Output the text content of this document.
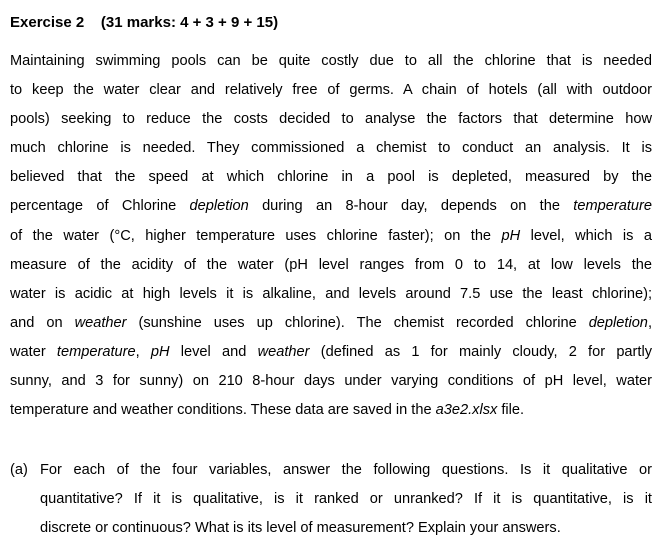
Exercise 2    (31 marks: 4 + 3 + 9 + 15)
Maintaining swimming pools can be quite costly due to all the chlorine that is needed
to keep the water clear and relatively free of germs. A chain of hotels (all with outdoor
pools) seeking to reduce the costs decided to analyse the factors that determine how
much chlorine is needed. They commissioned a chemist to conduct an analysis. It is
believed that the speed at which chlorine in a pool is depleted, measured by the
percentage of Chlorine depletion during an 8-hour day, depends on the temperature
of the water (°C, higher temperature uses chlorine faster); on the pH level, which is a
measure of the acidity of the water (pH level ranges from 0 to 14, at low levels the
water is acidic at high levels it is alkaline, and levels around 7.5 use the least chlorine);
and on weather (sunshine uses up chlorine). The chemist recorded chlorine depletion,
water temperature, pH level and weather (defined as 1 for mainly cloudy, 2 for partly
sunny, and 3 for sunny) on 210 8-hour days under varying conditions of pH level, water
temperature and weather conditions. These data are saved in the a3e2.xlsx file.
(a) For each of the four variables, answer the following questions. Is it qualitative or
quantitative? If it is qualitative, is it ranked or unranked? If it is quantitative, is it
discrete or continuous? What is its level of measurement? Explain your answers.
